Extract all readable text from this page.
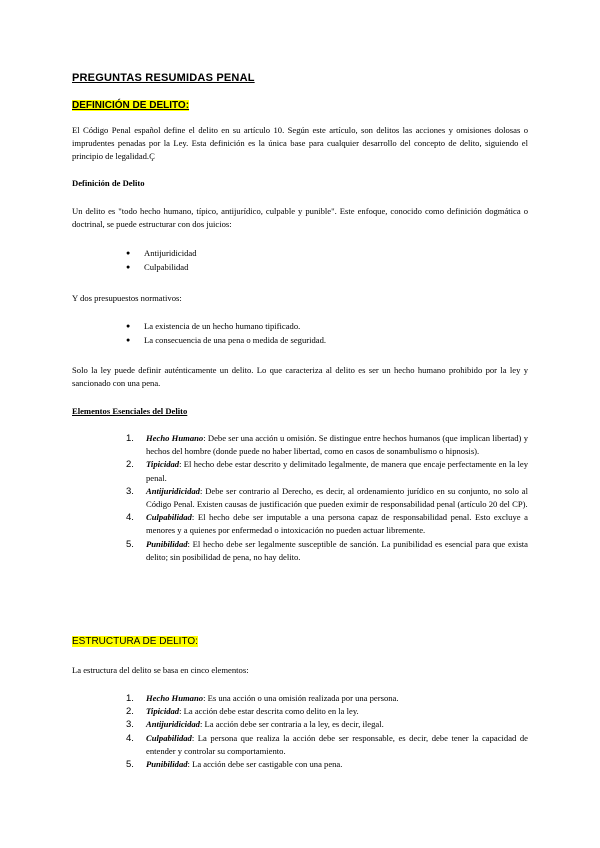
PREGUNTAS RESUMIDAS PENAL
DEFINICIÓN DE DELITO:
El Código Penal español define el delito en su artículo 10. Según este artículo, son delitos las acciones y omisiones dolosas o imprudentes penadas por la Ley. Esta definición es la única base para cualquier desarrollo del concepto de delito, siguiendo el principio de legalidad.Ç
Definición de Delito
Un delito es "todo hecho humano, típico, antijurídico, culpable y punible". Este enfoque, conocido como definición dogmática o doctrinal, se puede estructurar con dos juicios:
● Antijuridicidad
● Culpabilidad
Y dos presupuestos normativos:
● La existencia de un hecho humano tipificado.
● La consecuencia de una pena o medida de seguridad.
Solo la ley puede definir auténticamente un delito. Lo que caracteriza al delito es ser un hecho humano prohibido por la ley y sancionado con una pena.
Elementos Esenciales del Delito
1. Hecho Humano: Debe ser una acción u omisión. Se distingue entre hechos humanos (que implican libertad) y hechos del hombre (donde puede no haber libertad, como en casos de sonambulismo o hipnosis).
2. Tipicidad: El hecho debe estar descrito y delimitado legalmente, de manera que encaje perfectamente en la ley penal.
3. Antijuridicidad: Debe ser contrario al Derecho, es decir, al ordenamiento jurídico en su conjunto, no solo al Código Penal. Existen causas de justificación que pueden eximir de responsabilidad penal (artículo 20 del CP).
4. Culpabilidad: El hecho debe ser imputable a una persona capaz de responsabilidad penal. Esto excluye a menores y a quienes por enfermedad o intoxicación no pueden actuar libremente.
5. Punibilidad: El hecho debe ser legalmente susceptible de sanción. La punibilidad es esencial para que exista delito; sin posibilidad de pena, no hay delito.
ESTRUCTURA DE DELITO:
La estructura del delito se basa en cinco elementos:
1. Hecho Humano: Es una acción o una omisión realizada por una persona.
2. Tipicidad: La acción debe estar descrita como delito en la ley.
3. Antijuridicidad: La acción debe ser contraria a la ley, es decir, ilegal.
4. Culpabilidad: La persona que realiza la acción debe ser responsable, es decir, debe tener la capacidad de entender y controlar su comportamiento.
5. Punibilidad: La acción debe ser castigable con una pena.
